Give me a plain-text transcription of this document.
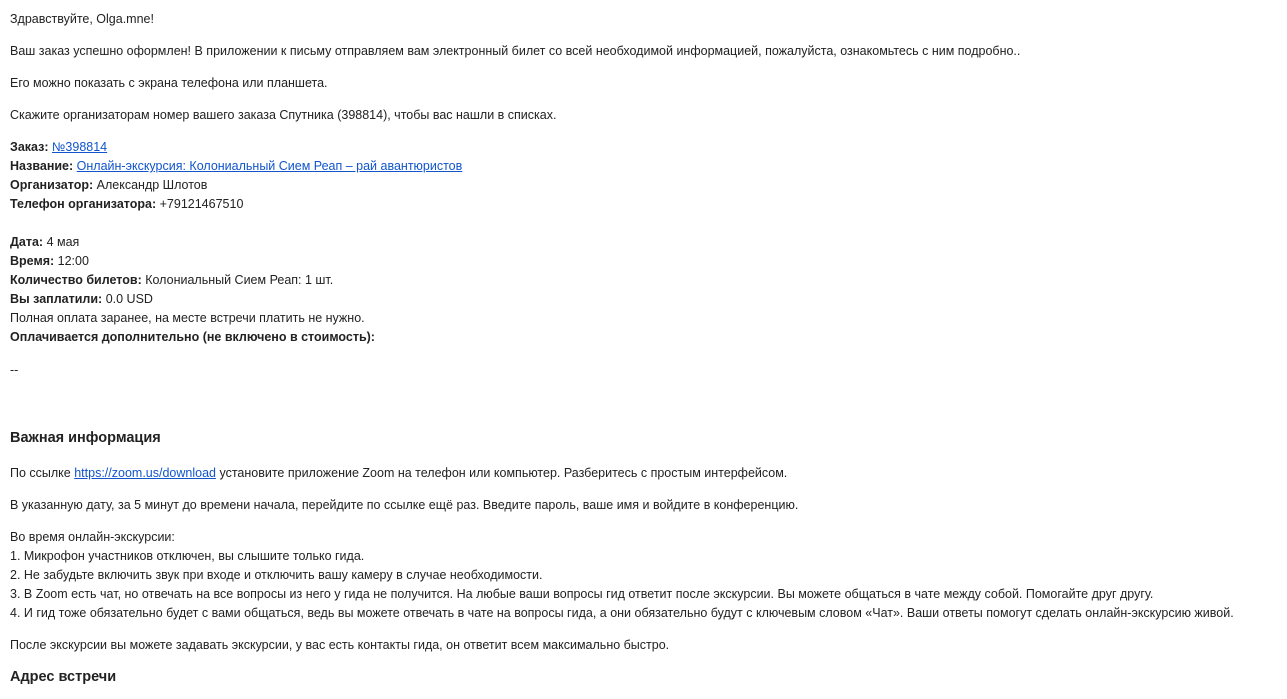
Здравствуйте, Olga.mne!

Ваш заказ успешно оформлен! В приложении к письму отправляем вам электронный билет со всей необходимой информацией, пожалуйста, ознакомьтесь с ним подробно..

Его можно показать с экрана телефона или планшета.

Скажите организаторам номер вашего заказа Спутника (398814), чтобы вас нашли в списках.

Заказ: №398814
Название: Онлайн-экскурсия: Колониальный Сием Реап – рай авантюристов
Организатор: Александр Шлотов
Телефон организатора: +79121467510
Дата: 4 мая
Время: 12:00
Количество билетов: Колониальный Сием Реап: 1 шт.
Вы заплатили: 0.0 USD
Полная оплата заранее, на месте встречи платить не нужно.
Оплачивается дополнительно (не включено в стоимость):

--

Важная информация

По ссылке https://zoom.us/download установите приложение Zoom на телефон или компьютер. Разберитесь с простым интерфейсом.

В указанную дату, за 5 минут до времени начала, перейдите по ссылке ещё раз. Введите пароль, ваше имя и войдите в конференцию.

Во время онлайн-экскурсии:
1. Микрофон участников отключен, вы слышите только гида.
2. Не забудьте включить звук при входе и отключить вашу камеру в случае необходимости.
3. В Zoom есть чат, но отвечать на все вопросы из него у гида не получится. На любые ваши вопросы гид ответит после экскурсии. Вы можете общаться в чате между собой. Помогайте друг другу.
4. И гид тоже обязательно будет с вами общаться, ведь вы можете отвечать в чате на вопросы гида, а они обязательно будут с ключевым словом «Чат». Ваши ответы помогут сделать онлайн-экскурсию живой.

После экскурсии вы можете задавать экскурсии, у вас есть контакты гида, он ответит всем максимально быстро.

Адрес встречи
